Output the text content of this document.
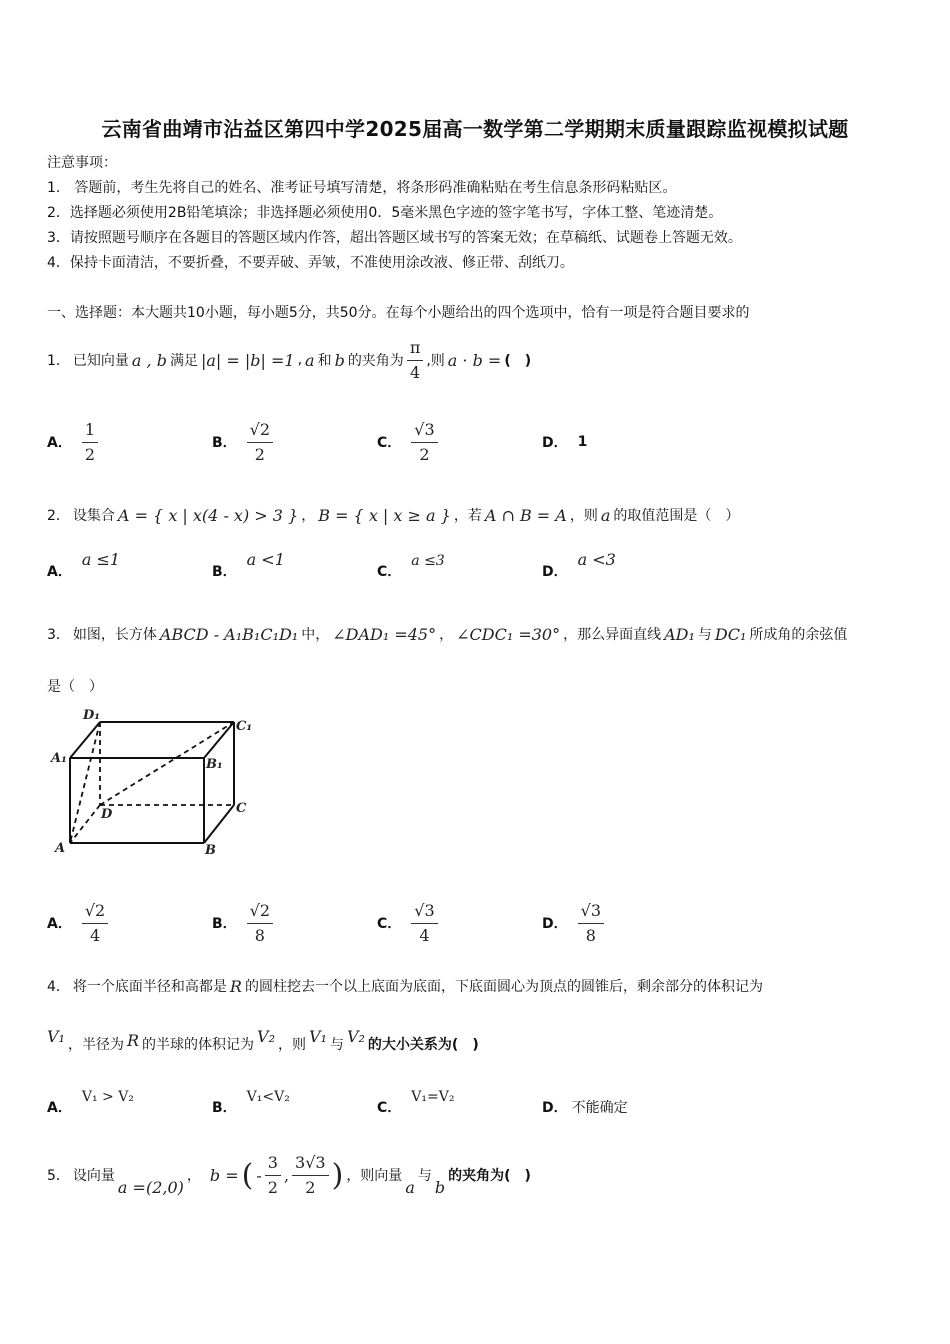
云南省曲靖市沾益区第四中学2025届高一数学第二学期期末质量跟踪监视模拟试题
注意事项：
1.　答题前，考生先将自己的姓名、准考证号填写清楚，将条形码准确粘贴在考生信息条形码粘贴区。
2．选择题必须使用2B铅笔填涂；非选择题必须使用0．5毫米黑色字迹的签字笔书写，字体工整、笔迹清楚。
3．请按照题号顺序在各题目的答题区域内作答，超出答题区域书写的答案无效；在草稿纸、试题卷上答题无效。
4．保持卡面清洁，不要折叠，不要弄破、弄皱，不准使用涂改液、修正带、刮纸刀。
一、选择题：本大题共10小题，每小题5分，共50分。在每个小题给出的四个选项中，恰有一项是符合题目要求的
1． 已知向量 a , b 满足 |a| = |b| =1 , a 和 b 的夹角为 $\frac{\pi}{4}$ ,则 a · b = (　)
A． $\frac{1}{2}$	B． $\frac{√2}{2}$	C． $\frac{√3}{2}$	D． 1
2． 设集合 A = { x | x(4 - x) > 3 } ， B = { x | x ≥ a } ，若 A ∩ B = A ，则 a 的取值范围是（　）
A．
a ≤1
B．
a <1
C．
a ≤3
D．
a <3
3． 如图，长方体 ABCD - A₁B₁C₁D₁ 中， ∠DAD₁ =45° ， ∠CDC₁ =30° ，那么异面直线 AD₁ 与 DC₁ 所成角的余弦值
是（　）
D₁
C₁
A₁	B₁
D	C
A	B
A． $\frac{√2}{4}$	B． $\frac{√2}{8}$	C． $\frac{√3}{4}$	D． $\frac{√3}{8}$
4． 将一个底面半径和高都是 R 的圆柱挖去一个以上底面为底面，下底面圆心为顶点的圆锥后，剩余部分的体积记为
V₁ ，半径为 R 的半球的体积记为 V₂ ，则 V₁ 与 V₂ 的大小关系为(　)
A．
V₁ > V₂
B．
V₁<V₂
C．
V₁=V₂
D． 不能确定
5． 设向量
a =(2,0)
， b = ( - $\frac{3}{2}$ , $\frac{3√3}{2}$ ) ，则向量
a
与
b
的夹角为(　)
